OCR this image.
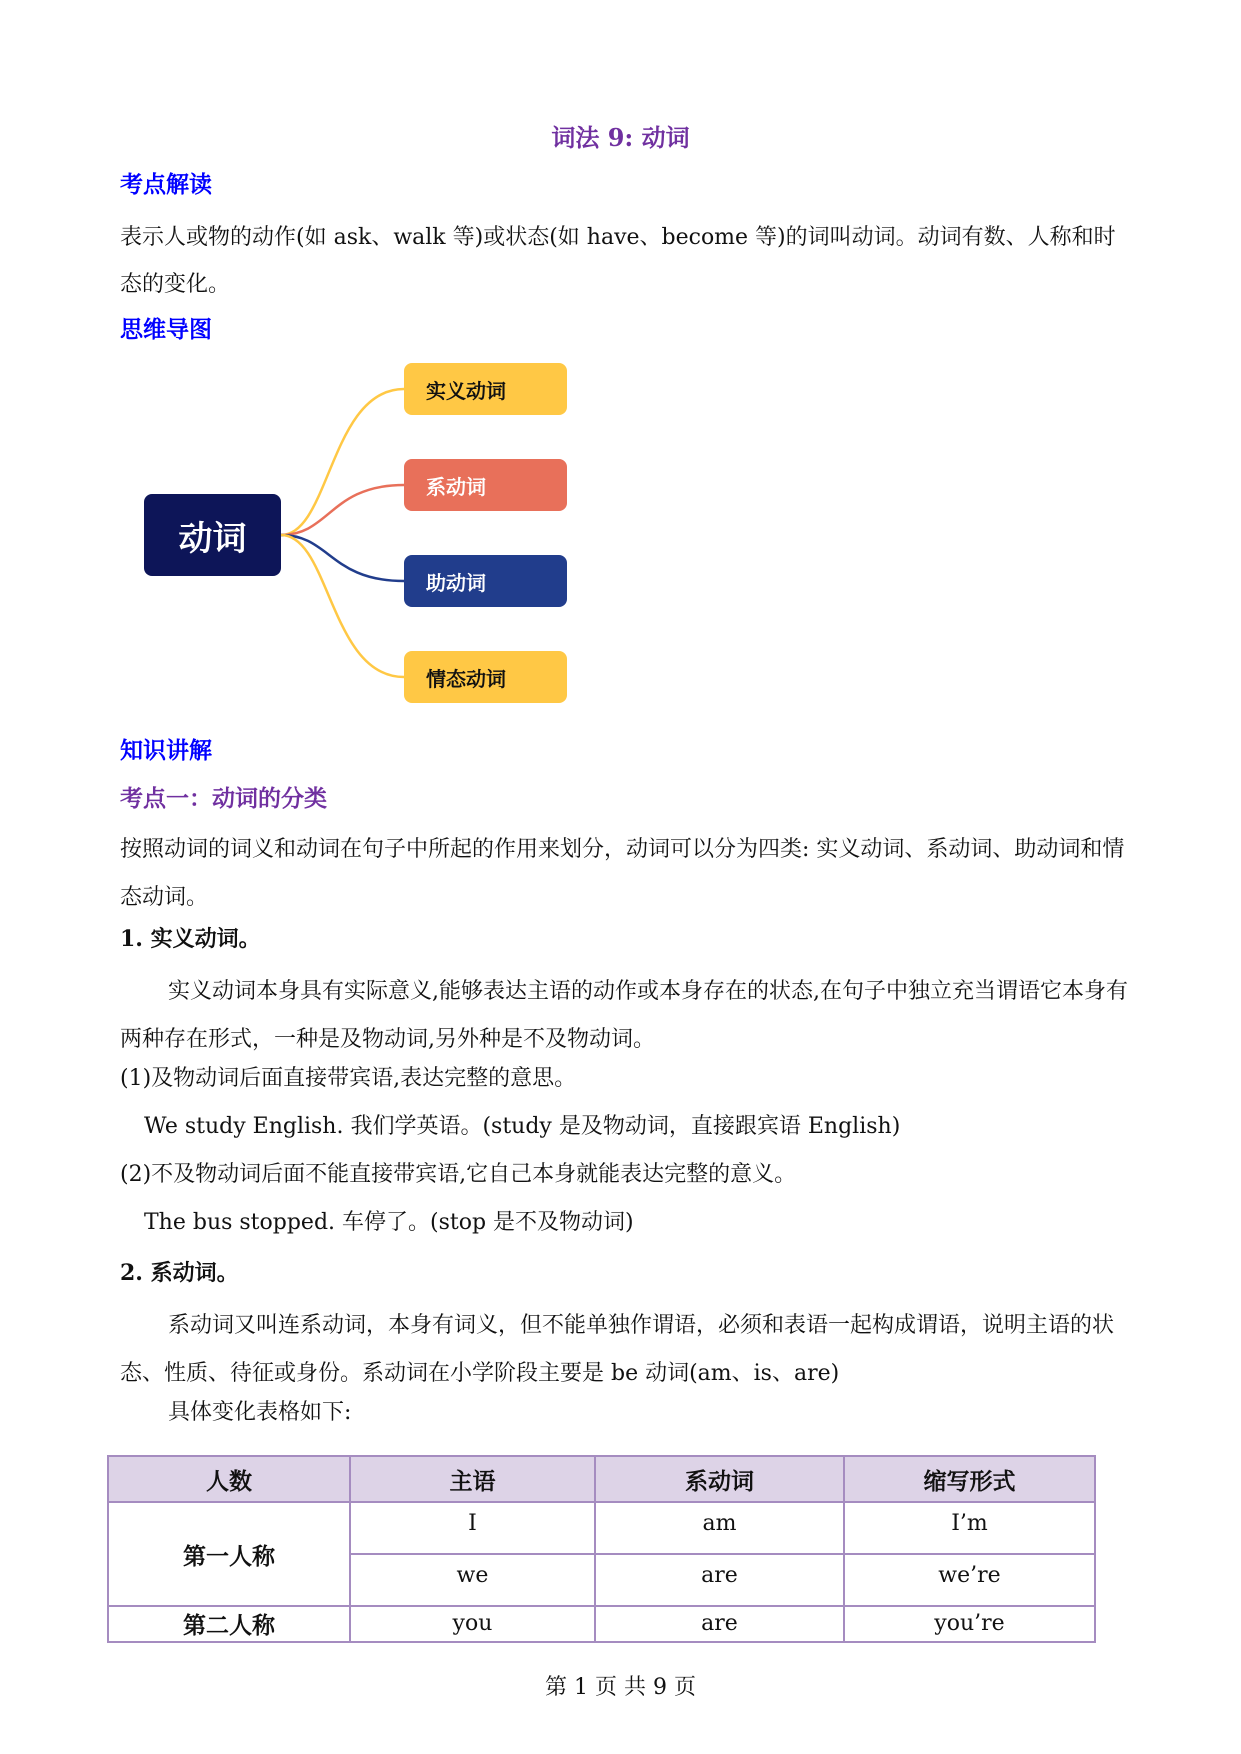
词法 9: 动词
考点解读
表示人或物的动作(如 ask、walk 等)或状态(如 have、become 等)的词叫动词。动词有数、人称和时态的变化。
思维导图
动词
实义动词
系动词
助动词
情态动词
知识讲解
考点一：动词的分类
按照动词的词义和动词在句子中所起的作用来划分，动词可以分为四类: 实义动词、系动词、助动词和情态动词。
1. 实义动词。
实义动词本身具有实际意义,能够表达主语的动作或本身存在的状态,在句子中独立充当谓语它本身有两种存在形式，一种是及物动词,另外种是不及物动词。
(1)及物动词后面直接带宾语,表达完整的意思。
We study English. 我们学英语。(study 是及物动词，直接跟宾语 English)
(2)不及物动词后面不能直接带宾语,它自己本身就能表达完整的意义。
The bus stopped. 车停了。(stop 是不及物动词)
2. 系动词。
系动词又叫连系动词，本身有词义，但不能单独作谓语，必须和表语一起构成谓语，说明主语的状态、性质、待征或身份。系动词在小学阶段主要是 be 动词(am、is、are)
具体变化表格如下:
人数	主语	系动词	缩写形式
第一人称	I	am	I’m
	we	are	we’re
第二人称	you	are	you’re
第 1 页 共 9 页
